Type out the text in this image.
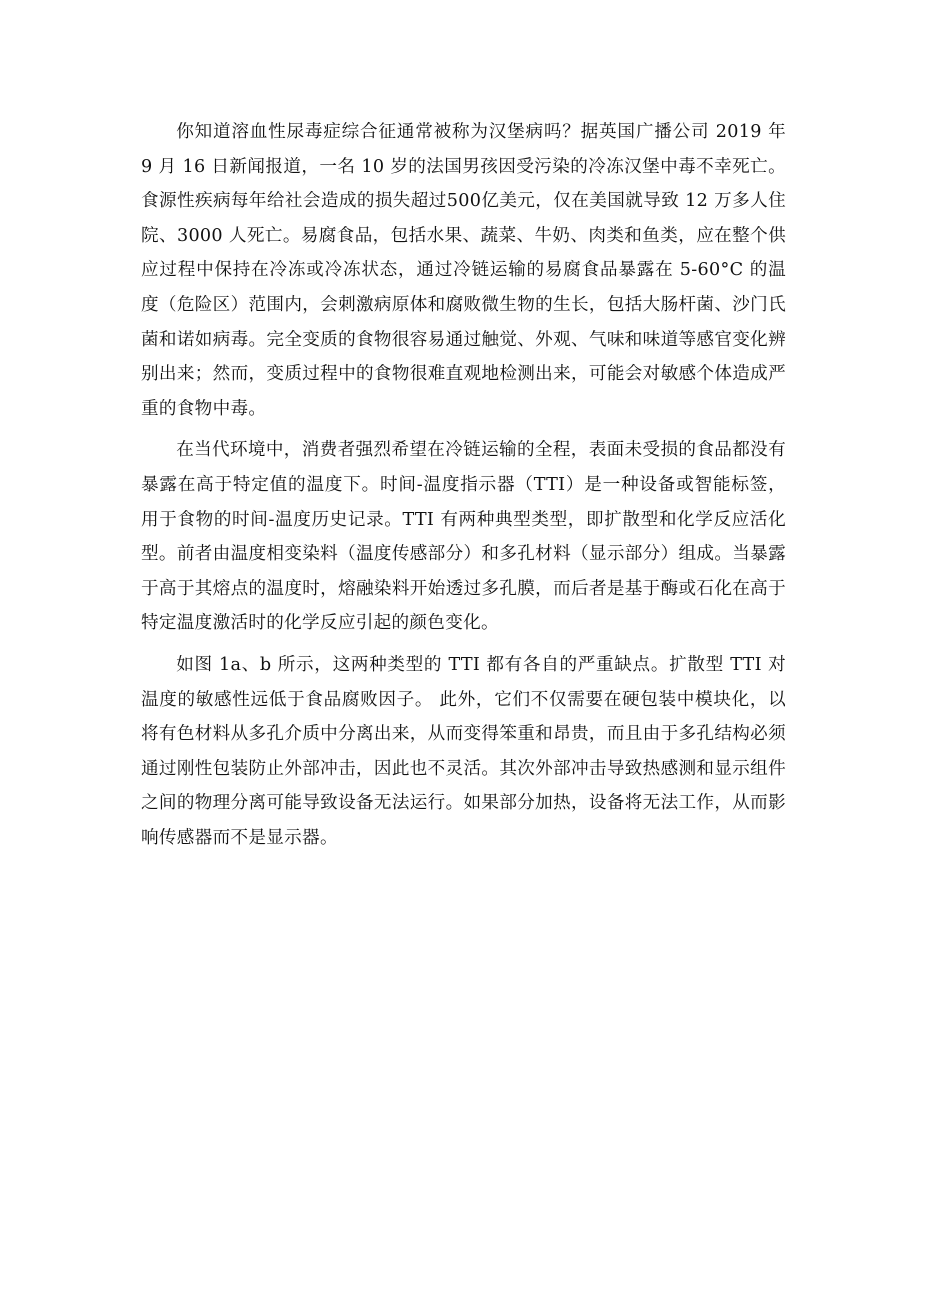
你知道溶血性尿毒症综合征通常被称为汉堡病吗？据英国广播公司 2019 年 9 月 16 日新闻报道，一名 10 岁的法国男孩因受污染的冷冻汉堡中毒不幸死亡。食源性疾病每年给社会造成的损失超过500亿美元，仅在美国就导致 12 万多人住院、3000 人死亡。易腐食品，包括水果、蔬菜、牛奶、肉类和鱼类，应在整个供应过程中保持在冷冻或冷冻状态，通过冷链运输的易腐食品暴露在 5-60°C 的温度（危险区）范围内，会刺激病原体和腐败微生物的生长，包括大肠杆菌、沙门氏菌和诺如病毒。完全变质的食物很容易通过触觉、外观、气味和味道等感官变化辨别出来；然而，变质过程中的食物很难直观地检测出来，可能会对敏感个体造成严重的食物中毒。

在当代环境中，消费者强烈希望在冷链运输的全程，表面未受损的食品都没有暴露在高于特定值的温度下。时间-温度指示器（TTI）是一种设备或智能标签，用于食物的时间-温度历史记录。TTI 有两种典型类型，即扩散型和化学反应活化型。前者由温度相变染料（温度传感部分）和多孔材料（显示部分）组成。当暴露于高于其熔点的温度时，熔融染料开始透过多孔膜，而后者是基于酶或石化在高于特定温度激活时的化学反应引起的颜色变化。

如图 1a、b 所示，这两种类型的 TTI 都有各自的严重缺点。扩散型 TTI 对温度的敏感性远低于食品腐败因子。 此外，它们不仅需要在硬包装中模块化，以将有色材料从多孔介质中分离出来，从而变得笨重和昂贵，而且由于多孔结构必须通过刚性包装防止外部冲击，因此也不灵活。其次外部冲击导致热感测和显示组件之间的物理分离可能导致设备无法运行。如果部分加热，设备将无法工作，从而影响传感器而不是显示器。
